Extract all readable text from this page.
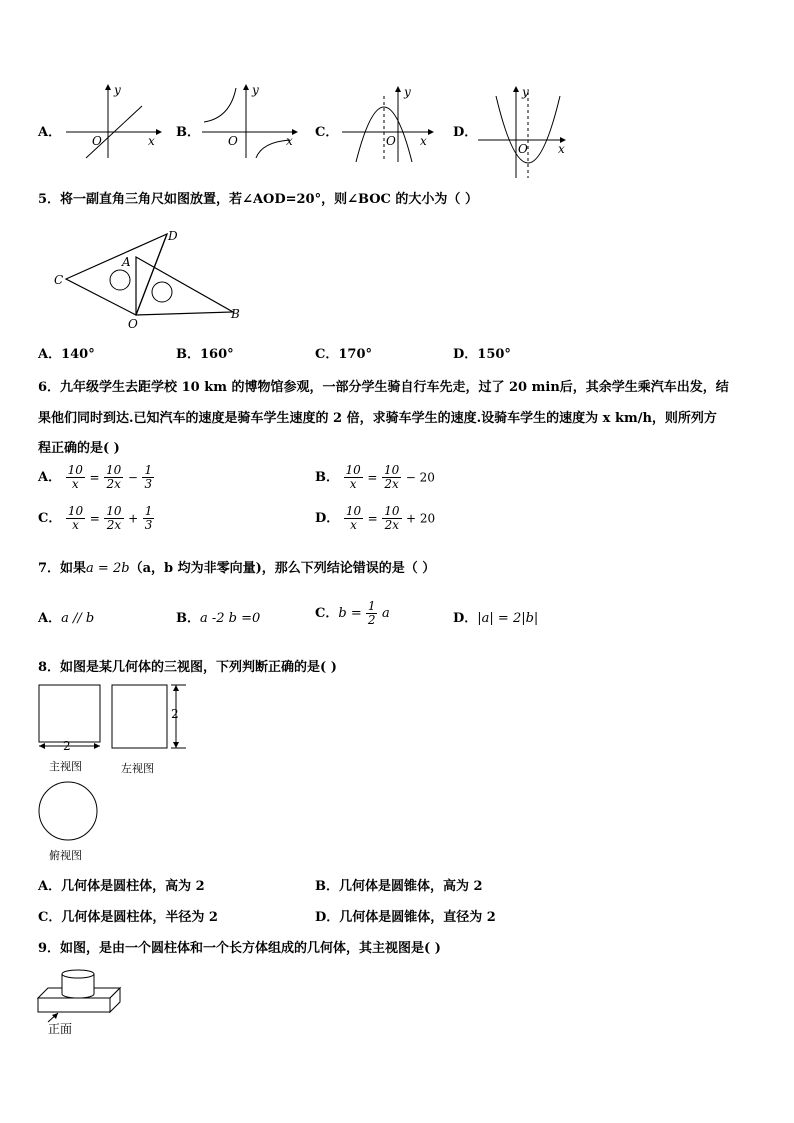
A．
y
x
O
B．
y
x
O
C．
y
x
O
D．
y
x
O
5．将一副直角三角尺如图放置，若∠AOD=20°，则∠BOC 的大小为（ ）
C
A
D
O
B
A．140°	B．160°	C．170°	D．150°
6．九年级学生去距学校 10 km 的博物馆参观，一部分学生骑自行车先走，过了 20 min后，其余学生乘汽车出发，结
果他们同时到达.已知汽车的速度是骑车学生速度的 2 倍，求骑车学生的速度.设骑车学生的速度为 x km/h，则所列方
程正确的是( )
A． $\frac{10}{x} = \frac{10}{2x} - \frac{1}{3}$	B． $\frac{10}{x} = \frac{10}{2x} - 20$
C． $\frac{10}{x} = \frac{10}{2x} + \frac{1}{3}$	D． $\frac{10}{x} = \frac{10}{2x} + 20$
7．如果a = 2b（a，b 均为非零向量)，那么下列结论错误的是（ ）
A．a // b	B．a -2 b =0	C．$b = \frac{1}{2}$ a	D．|a| = 2|b|
8．如图是某几何体的三视图，下列判断正确的是( )
2
2
主视图	左视图
俯视图
A．几何体是圆柱体，高为 2	B．几何体是圆锥体，高为 2
C．几何体是圆柱体，半径为 2	D．几何体是圆锥体，直径为 2
9．如图，是由一个圆柱体和一个长方体组成的几何体，其主视图是( )
正面
